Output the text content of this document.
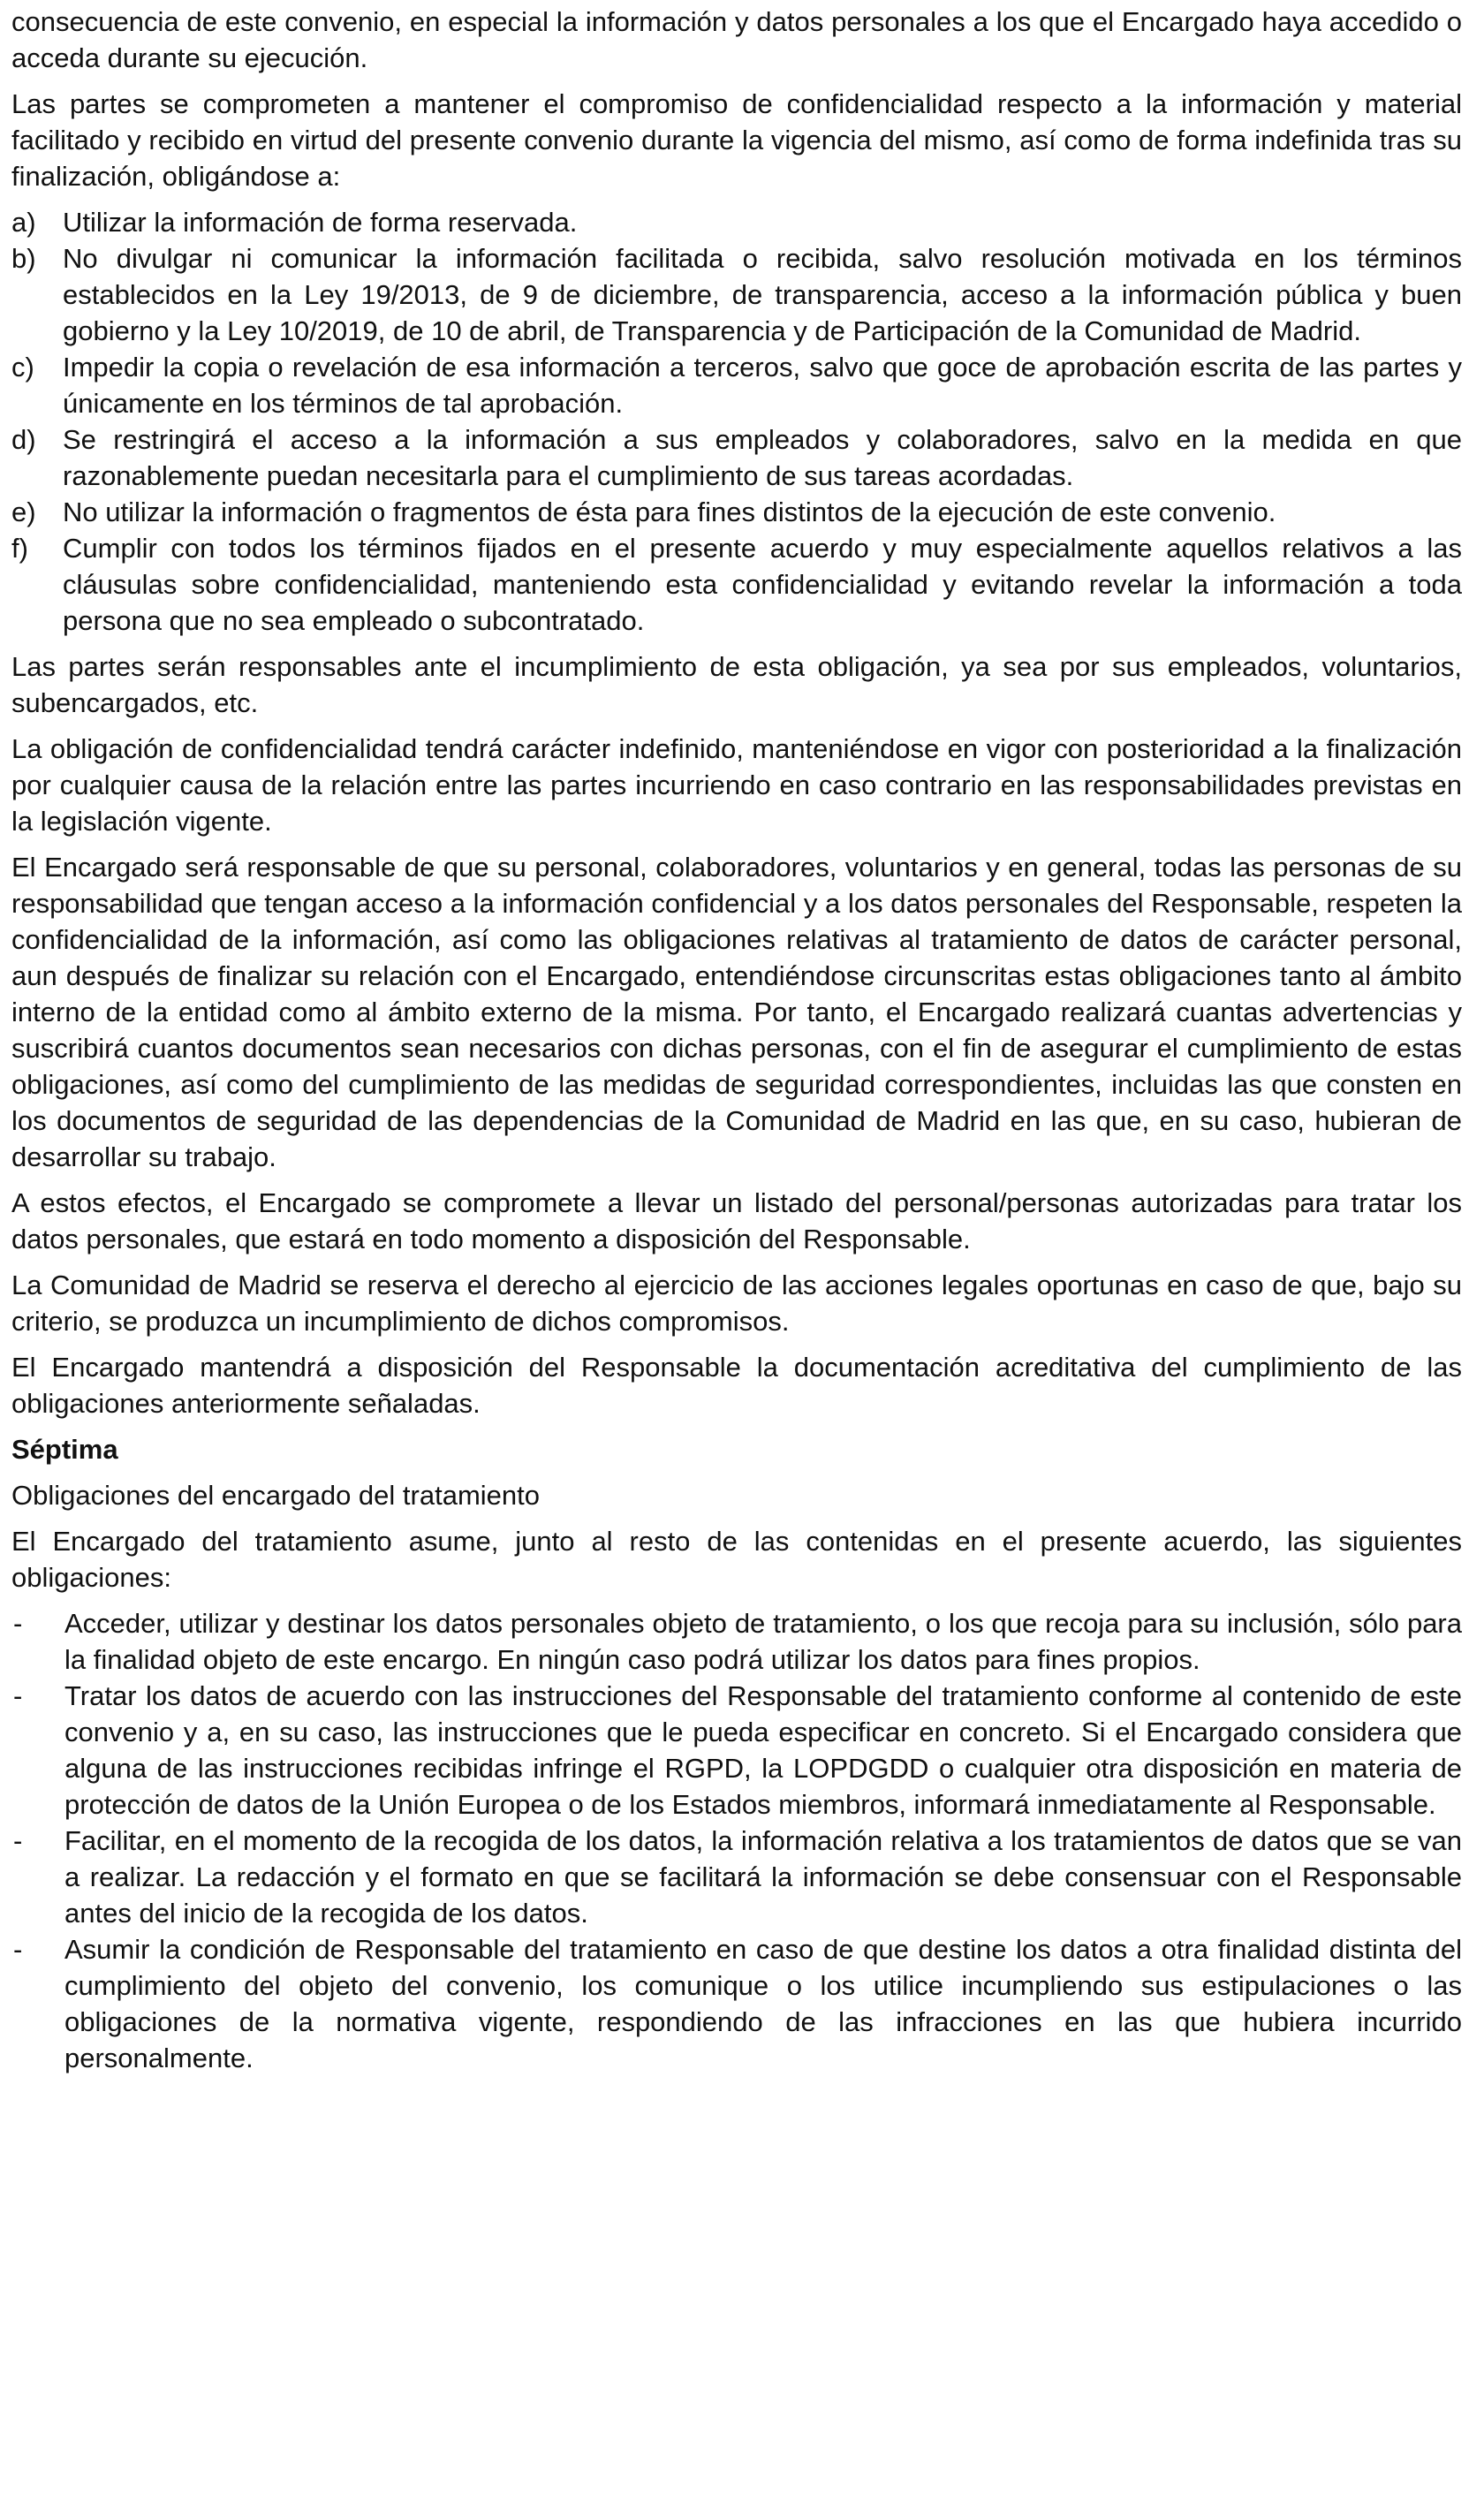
consecuencia de este convenio, en especial la información y datos personales a los que el Encargado haya accedido o acceda durante su ejecución.

Las partes se comprometen a mantener el compromiso de confidencialidad respecto a la información y material facilitado y recibido en virtud del presente convenio durante la vigencia del mismo, así como de forma indefinida tras su finalización, obligándose a:

a) Utilizar la información de forma reservada.
b) No divulgar ni comunicar la información facilitada o recibida, salvo resolución motivada en los términos establecidos en la Ley 19/2013, de 9 de diciembre, de transparencia, acceso a la información pública y buen gobierno y la Ley 10/2019, de 10 de abril, de Transparencia y de Participación de la Comunidad de Madrid.
c)	Impedir la copia o revelación de esa información a terceros, salvo que goce de aprobación escrita de las partes y únicamente en los términos de tal aprobación.
d) Se restringirá el acceso a la información a sus empleados y colaboradores, salvo en la medida en que razonablemente puedan necesitarla para el cumplimiento de sus tareas acordadas.
e) No utilizar la información o fragmentos de ésta para fines distintos de la ejecución de este convenio.
f)	Cumplir con todos los términos fijados en el presente acuerdo y muy especialmente aquellos relativos a las cláusulas sobre confidencialidad, manteniendo esta confidencialidad y evitando revelar la información a toda persona que no sea empleado o subcontratado.

Las partes serán responsables ante el incumplimiento de esta obligación, ya sea por sus empleados, voluntarios, subencargados, etc.

La obligación de confidencialidad tendrá carácter indefinido, manteniéndose en vigor con posterioridad a la finalización por cualquier causa de la relación entre las partes incurriendo en caso contrario en las responsabilidades previstas en la legislación vigente.

El Encargado será responsable de que su personal, colaboradores, voluntarios y en general, todas las personas de su responsabilidad que tengan acceso a la información confidencial y a los datos personales del Responsable, respeten la confidencialidad de la información, así como las obligaciones relativas al tratamiento de datos de carácter personal, aun después de finalizar su relación con el Encargado, entendiéndose circunscritas estas obligaciones tanto al ámbito interno de la entidad como al ámbito externo de la misma. Por tanto, el Encargado realizará cuantas advertencias y suscribirá cuantos documentos sean necesarios con dichas personas, con el fin de asegurar el cumplimiento de estas obligaciones, así como del cumplimiento de las medidas de seguridad correspondientes, incluidas las que consten en los documentos de seguridad de las dependencias de la Comunidad de Madrid en las que, en su caso, hubieran de desarrollar su trabajo.

A estos efectos, el Encargado se compromete a llevar un listado del personal/personas autorizadas para tratar los datos personales, que estará en todo momento a disposición del Responsable.

La Comunidad de Madrid se reserva el derecho al ejercicio de las acciones legales oportunas en caso de que, bajo su criterio, se produzca un incumplimiento de dichos compromisos.

El Encargado mantendrá a disposición del Responsable la documentación acreditativa del cumplimiento de las obligaciones anteriormente señaladas.

Séptima
Obligaciones del encargado del tratamiento

El Encargado del tratamiento asume, junto al resto de las contenidas en el presente acuerdo, las siguientes obligaciones:

-	Acceder, utilizar y destinar los datos personales objeto de tratamiento, o los que recoja para su inclusión, sólo para la finalidad objeto de este encargo. En ningún caso podrá utilizar los datos para fines propios.
-	Tratar los datos de acuerdo con las instrucciones del Responsable del tratamiento conforme al contenido de este convenio y a, en su caso, las instrucciones que le pueda especificar en concreto. Si el Encargado considera que alguna de las instrucciones recibidas infringe el RGPD, la LOPDGDD o cualquier otra disposición en materia de protección de datos de la Unión Europea o de los Estados miembros, informará inmediatamente al Responsable.
-	Facilitar, en el momento de la recogida de los datos, la información relativa a los tratamientos de datos que se van a realizar. La redacción y el formato en que se facilitará la información se debe consensuar con el Responsable antes del inicio de la recogida de los datos.
-	Asumir la condición de Responsable del tratamiento en caso de que destine los datos a otra finalidad distinta del cumplimiento del objeto del convenio, los comunique o los utilice incumpliendo sus estipulaciones o las obligaciones de la normativa vigente, respondiendo de las infracciones en las que hubiera incurrido personalmente.
